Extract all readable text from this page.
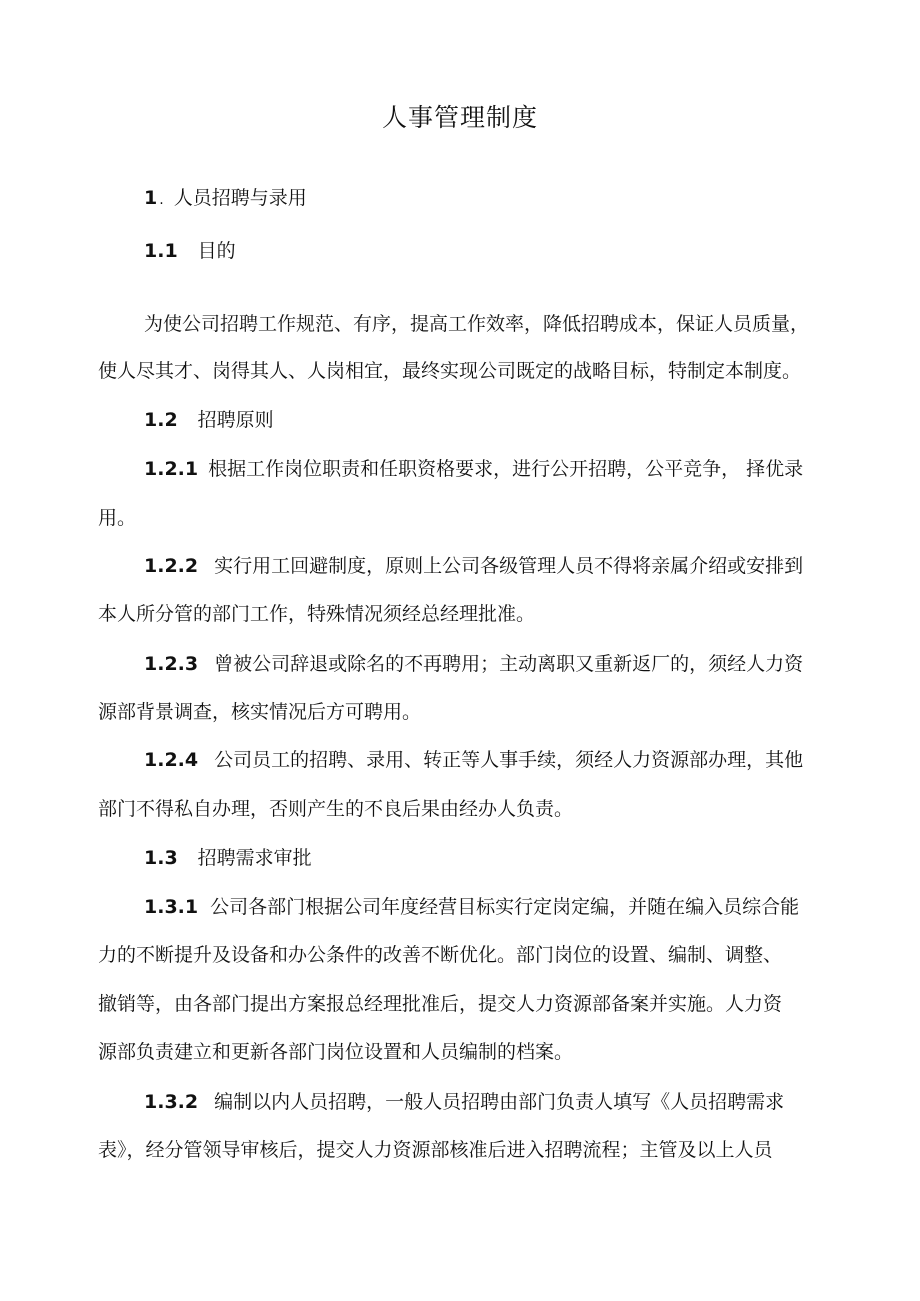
人事管理制度
1 . 人员招聘与录用
1.1 目的
为使公司招聘工作规范、有序，提高工作效率，降低招聘成本，保证人员质量，
使人尽其才、岗得其人、人岗相宜，最终实现公司既定的战略目标，特制定本制度。
1.2 招聘原则
1.2.1 根据工作岗位职责和任职资格要求，进行公开招聘，公平竞争， 择优录
用。
1.2.2 实行用工回避制度，原则上公司各级管理人员不得将亲属介绍或安排到
本人所分管的部门工作，特殊情况须经总经理批准。
1.2.3 曾被公司辞退或除名的不再聘用；主动离职又重新返厂的，须经人力资
源部背景调查，核实情况后方可聘用。
1.2.4 公司员工的招聘、录用、转正等人事手续，须经人力资源部办理，其他
部门不得私自办理，否则产生的不良后果由经办人负责。
1.3 招聘需求审批
1.3.1 公司各部门根据公司年度经营目标实行定岗定编，并随在编入员综合能
力的不断提升及设备和办公条件的改善不断优化。部门岗位的设置、编制、调整、
撤销等，由各部门提出方案报总经理批准后，提交人力资源部备案并实施。人力资
源部负责建立和更新各部门岗位设置和人员编制的档案。
1.3.2 编制以内人员招聘，一般人员招聘由部门负责人填写《人员招聘需求
表》，经分管领导审核后，提交人力资源部核准后进入招聘流程；主管及以上人员
